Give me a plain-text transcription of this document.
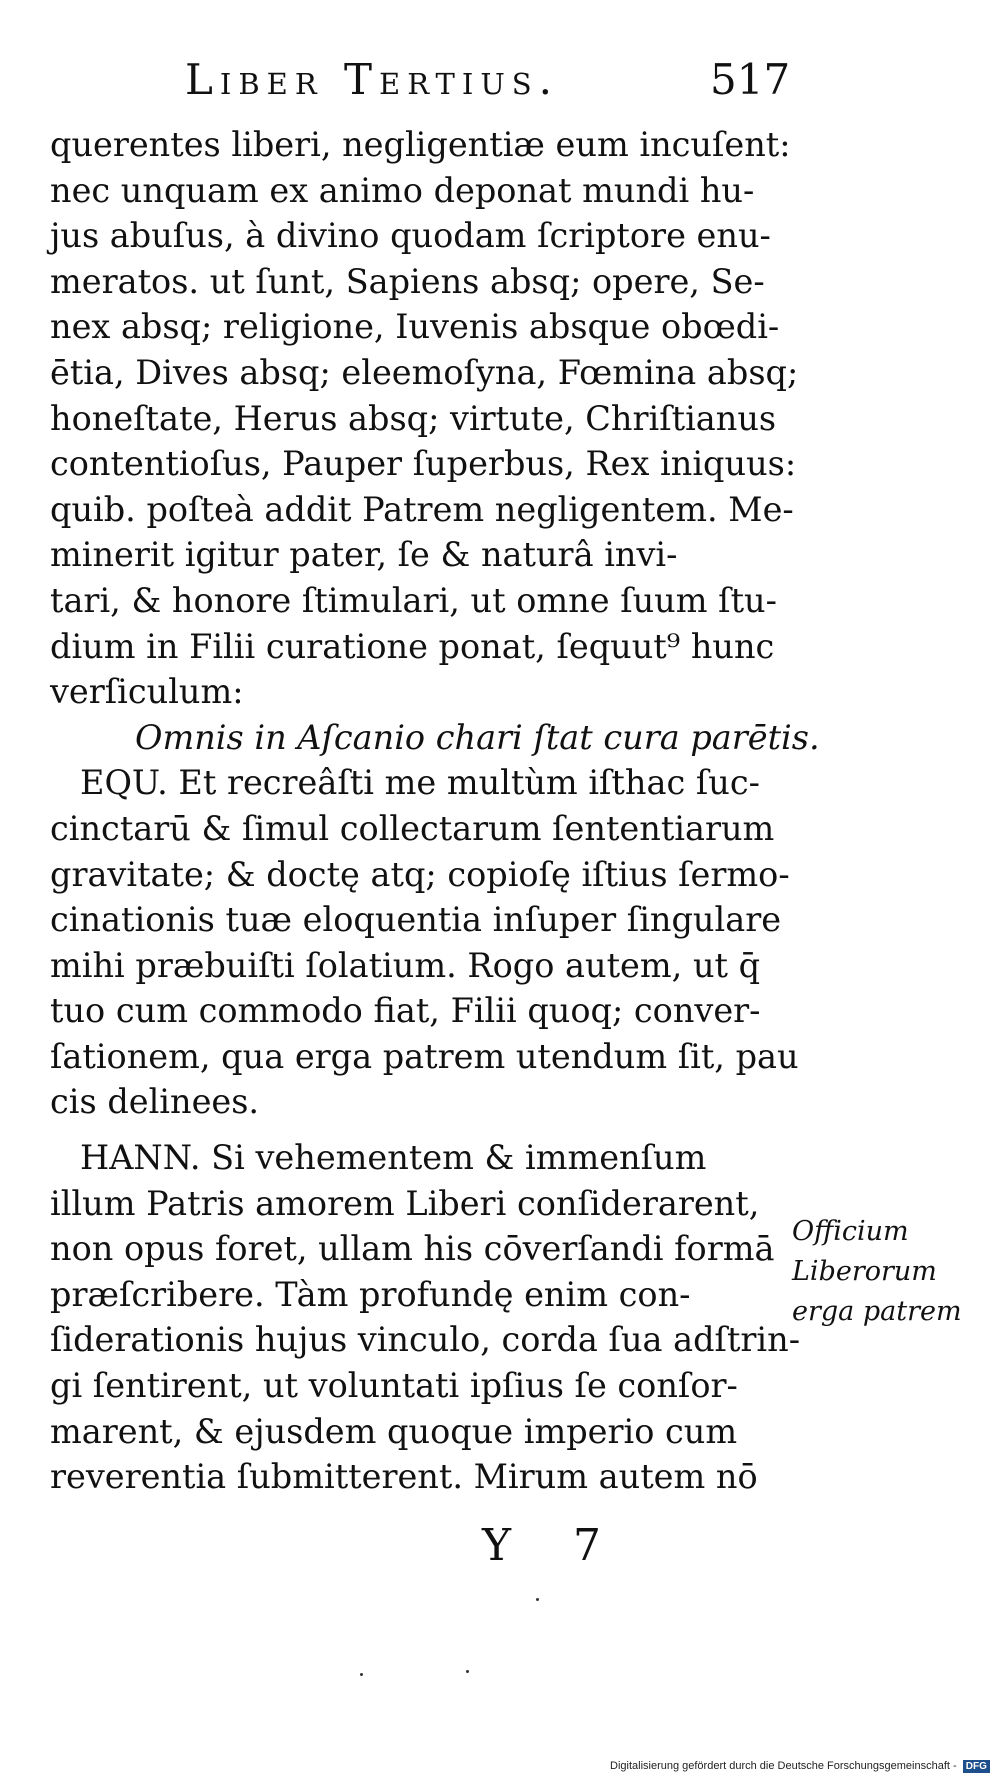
Liber Tertius.	517
querentes liberi, negligentiæ eum incuſent:
nec unquam ex animo deponat mundi hu-
jus abuſus, à divino quodam ſcriptore enu-
meratos. ut ſunt, Sapiens absq; opere, Se-
nex absq; religione, Iuvenis absque obœdi-
ētia, Dives absq; eleemoſyna, Fœmina absq;
honeſtate, Herus absq; virtute, Chriſtianus
contentioſus, Pauper ſuperbus, Rex iniquus:
quib. poſteà addit Patrem negligentem. Me-
minerit igitur pater, ſe & naturâ invi-
tari, & honore ſtimulari, ut omne ſuum ſtu-
dium in Filii curatione ponat, ſequut⁹ hunc
verſiculum:
Omnis in Aſcanio chari ſtat cura parētis.
EQU. Et recreâſti me multùm iſthac ſuc-
cinctarū & ſimul collectarum ſententiarum
gravitate; & doctę atq; copioſę iſtius ſermo-
cinationis tuæ eloquentia inſuper ſingulare
mihi præbuiſti ſolatium. Rogo autem, ut q̄
tuo cum commodo fiat, Filii quoq; conver-
ſationem, qua erga patrem utendum ſit, pau
cis delinees.
HANN. Si vehementem & immenſum
illum Patris amorem Liberi conſiderarent,
non opus foret, ullam his cōverſandi formā
præſcribere. Tàm profundę enim con-
ſiderationis hujus vinculo, corda ſua adſtrin-
gi ſentirent, ut voluntati ipſius ſe conſor-
marent, & ejusdem quoque imperio cum
reverentia ſubmitterent. Mirum autem nō
Officium
Liberorum
erga patrem
Y 7
Digitalisierung gefördert durch die Deutsche Forschungsgemeinschaft - DFG
